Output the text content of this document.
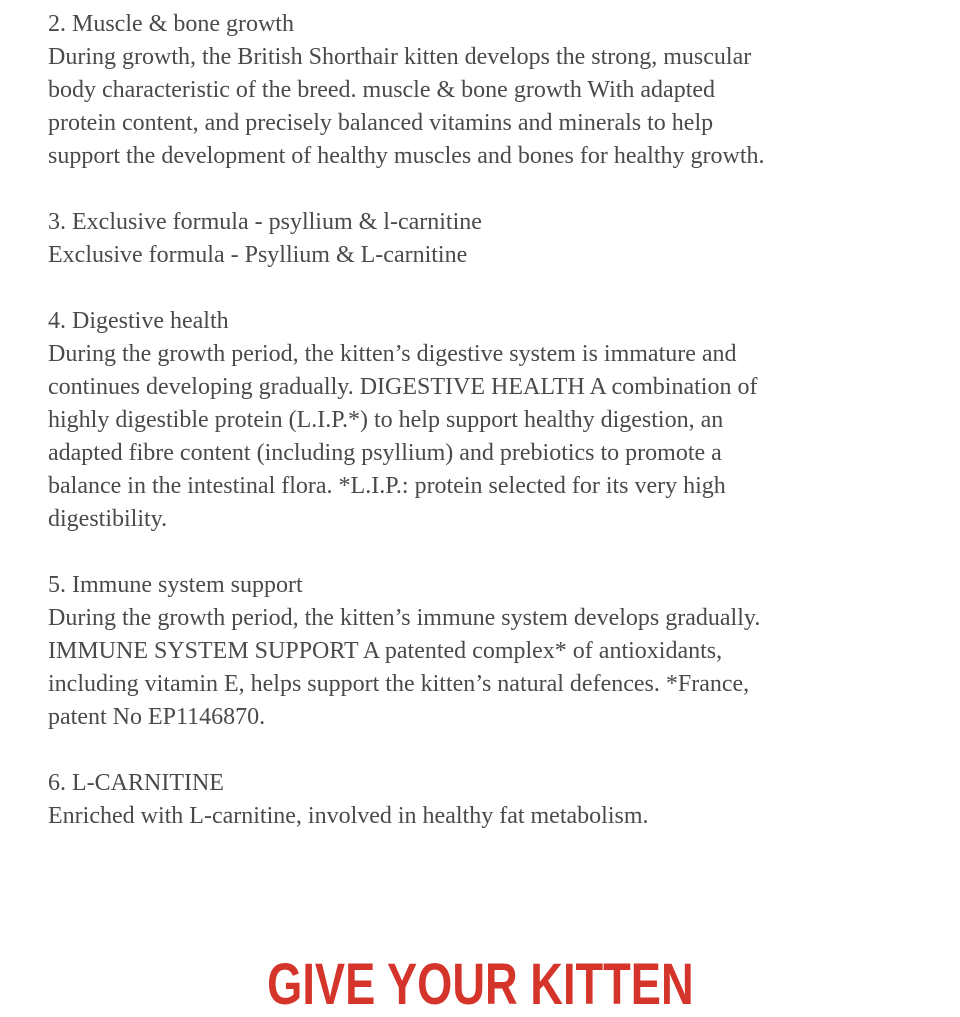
2. Muscle & bone growth
During growth, the British Shorthair kitten develops the strong, muscular
body characteristic of the breed. muscle & bone growth With adapted
protein content, and precisely balanced vitamins and minerals to help
support the development of healthy muscles and bones for healthy growth.
3. Exclusive formula - psyllium & l-carnitine
Exclusive formula - Psyllium & L-carnitine
4. Digestive health
During the growth period, the kitten’s digestive system is immature and
continues developing gradually. DIGESTIVE HEALTH A combination of
highly digestible protein (L.I.P.*) to help support healthy digestion, an
adapted fibre content (including psyllium) and prebiotics to promote a
balance in the intestinal flora. *L.I.P.: protein selected for its very high
digestibility.
5. Immune system support
During the growth period, the kitten’s immune system develops gradually.
IMMUNE SYSTEM SUPPORT A patented complex* of antioxidants,
including vitamin E, helps support the kitten’s natural defences. *France,
patent No EP1146870.
6. L-CARNITINE
Enriched with L-carnitine, involved in healthy fat metabolism.
GIVE YOUR KITTEN
